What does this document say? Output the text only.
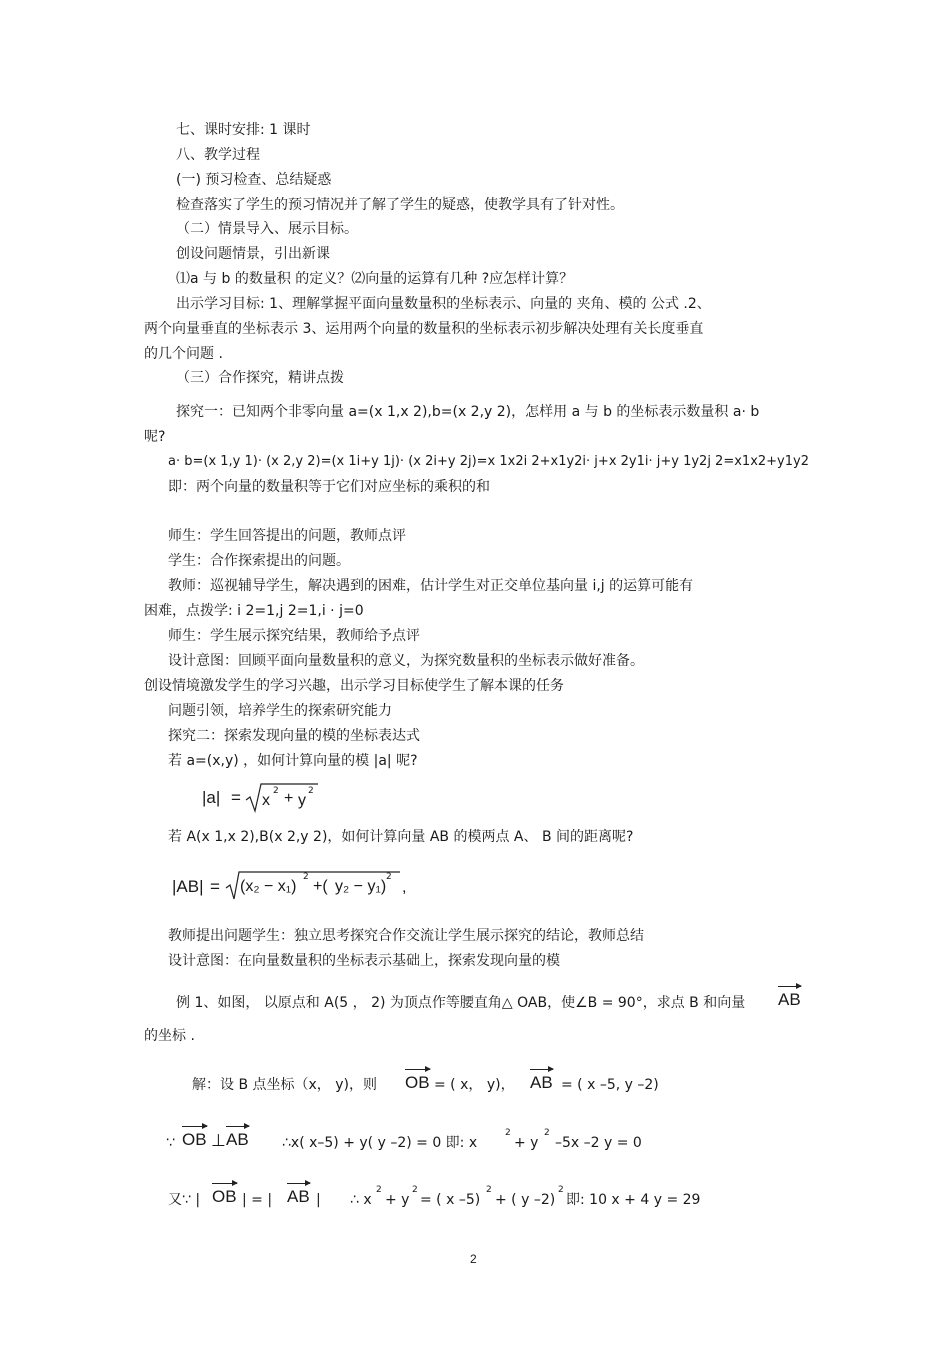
七、课时安排: 1 课时
八、教学过程
(一) 预习检查、总结疑惑
检查落实了学生的预习情况并了解了学生的疑惑，使教学具有了针对性。
（二）情景导入、展示目标。
创设问题情景，引出新课
⑴a 与 b 的数量积 的定义？⑵向量的运算有几种 ?应怎样计算？
出示学习目标: 1、理解掌握平面向量数量积的坐标表示、向量的 夹角、模的 公式 .2、
两个向量垂直的坐标表示 3、运用两个向量的数量积的坐标表示初步解决处理有关长度垂直
的几个问题 .
（三）合作探究，精讲点拨
探究一：已知两个非零向量 a=(x 1,x 2),b=(x 2,y 2)，怎样用 a 与 b 的坐标表示数量积 a· b
呢?
a· b=(x 1,y 1)· (x 2,y 2)=(x 1i+y 1j)· (x 2i+y 2j)=x 1x2i 2+x1y2i· j+x 2y1i· j+y 1y2j 2=x1x2+y1y2
即：两个向量的数量积等于它们对应坐标的乘积的和
师生：学生回答提出的问题，教师点评
学生：合作探索提出的问题。
教师：巡视辅导学生，解决遇到的困难，估计学生对正交单位基向量 i,j 的运算可能有
困难，点拨学: i 2=1,j 2=1,i · j=0
师生：学生展示探究结果，教师给予点评
设计意图：回顾平面向量数量积的意义，为探究数量积的坐标表示做好准备。
创设情境激发学生的学习兴趣，出示学习目标使学生了解本课的任务
问题引领，培养学生的探索研究能力
探究二：探索发现向量的模的坐标表达式
若 a=(x,y) ，如何计算向量的模 |a| 呢?
|a| = x
2 + y
2
若 A(x 1,x 2),B(x 2,y 2)，如何计算向量 AB 的模两点 A、 B 间的距离呢?
|AB| = (x₂ − x₁)
2
+( y₂ − y₁)
2
,
教师提出问题学生：独立思考探究合作交流让学生展示探究的结论，教师总结
设计意图：在向量数量积的坐标表示基础上，探索发现向量的模
例 1、如图， 以原点和 A(5 ， 2) 为顶点作等腰直角△ OAB，使∠B = 90°，求点 B 和向量 AB
的坐标 .
解：设 B 点坐标（x， y)，则 OB = ( x， y)， AB = ( x –5, y –2)
∵ OB ⊥ AB ∴x( x–5) + y( y –2) = 0 即: x
2
+ y
2
–5x –2 y = 0
又∵ | OB | = | AB | ∴ x
2
+ y
2
= ( x –5)
2
+ ( y –2)
2
即: 10 x + 4 y = 29
2
